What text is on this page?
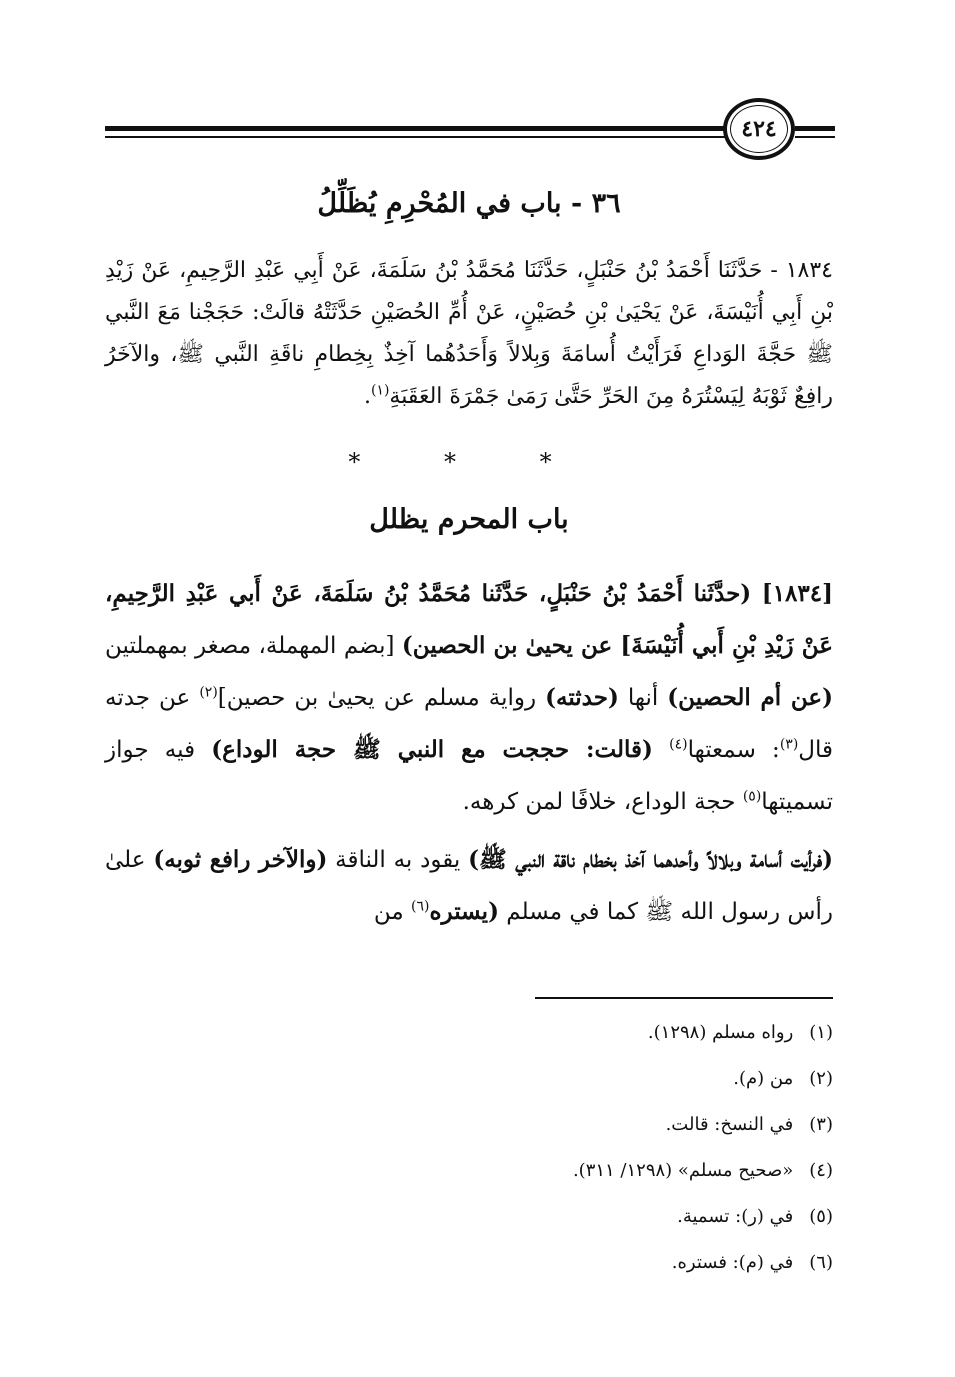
٤٢٤
٣٦ - باب في المُحْرِمِ يُظَلِّلُ
١٨٣٤ - حَدَّثَنَا أَحْمَدُ بْنُ حَنْبَلٍ، حَدَّثَنَا مُحَمَّدُ بْنُ سَلَمَةَ، عَنْ أَبِي عَبْدِ الرَّحِيمِ، عَنْ زَيْدِ بْنِ أَبِي أُنَيْسَةَ، عَنْ يَحْيَىٰ بْنِ حُصَيْنٍ، عَنْ أُمِّ الحُصَيْنِ حَدَّثَتْهُ قالَتْ: حَجَجْنا مَعَ النَّبي ﷺ حَجَّةَ الوَداعِ فَرَأَيْتُ أُسامَةَ وَبِلالاً وَأَحَدُهُما آخِذٌ بِخِطامِ ناقَةِ النَّبي ﷺ، والآخَرُ رافِعٌ ثَوْبَهُ لِيَسْتُرَهُ مِنَ الحَرِّ حَتَّىٰ رَمَىٰ جَمْرَةَ العَقَبَةِ$^{(١)}$.
* * *
باب المحرم يظلل

[١٨٣٤] (حدَّثَنا أَحْمَدُ بْنُ حَنْبَلٍ، حَدَّثَنا مُحَمَّدُ بْنُ سَلَمَةَ، عَنْ أَبي عَبْدِ الرَّحِيمِ، عَنْ زَيْدِ بْنِ أَبي أُنَيْسَةَ] عن يحيىٰ بن الحصين) [بضم المهملة، مصغر بمهملتين (عن أم الحصين) أنها (حدثته) رواية مسلم عن يحيىٰ بن حصين]$^{(٢)}$ عن جدته قال$^{(٣)}$: سمعتها$^{(٤)}$ (قالت: حججت مع النبي ﷺ حجة الوداع) فيه جواز تسميتها$^{(٥)}$ حجة الوداع، خلافًا لمن كرهه.

(فرأيت أسامة وبلالاً وأحدهما آخذ بخطام ناقة النبي ﷺ) يقود به الناقة (والآخر رافع ثوبه) علىٰ رأس رسول الله ﷺ كما في مسلم (يستره$^{(٦)}$ من

(١) رواه مسلم (١٢٩٨).
(٢) من (م).
(٣) في النسخ: قالت.
(٤) «صحيح مسلم» (١٢٩٨/ ٣١١).
(٥) في (ر): تسمية.
(٦) في (م): فستره.
